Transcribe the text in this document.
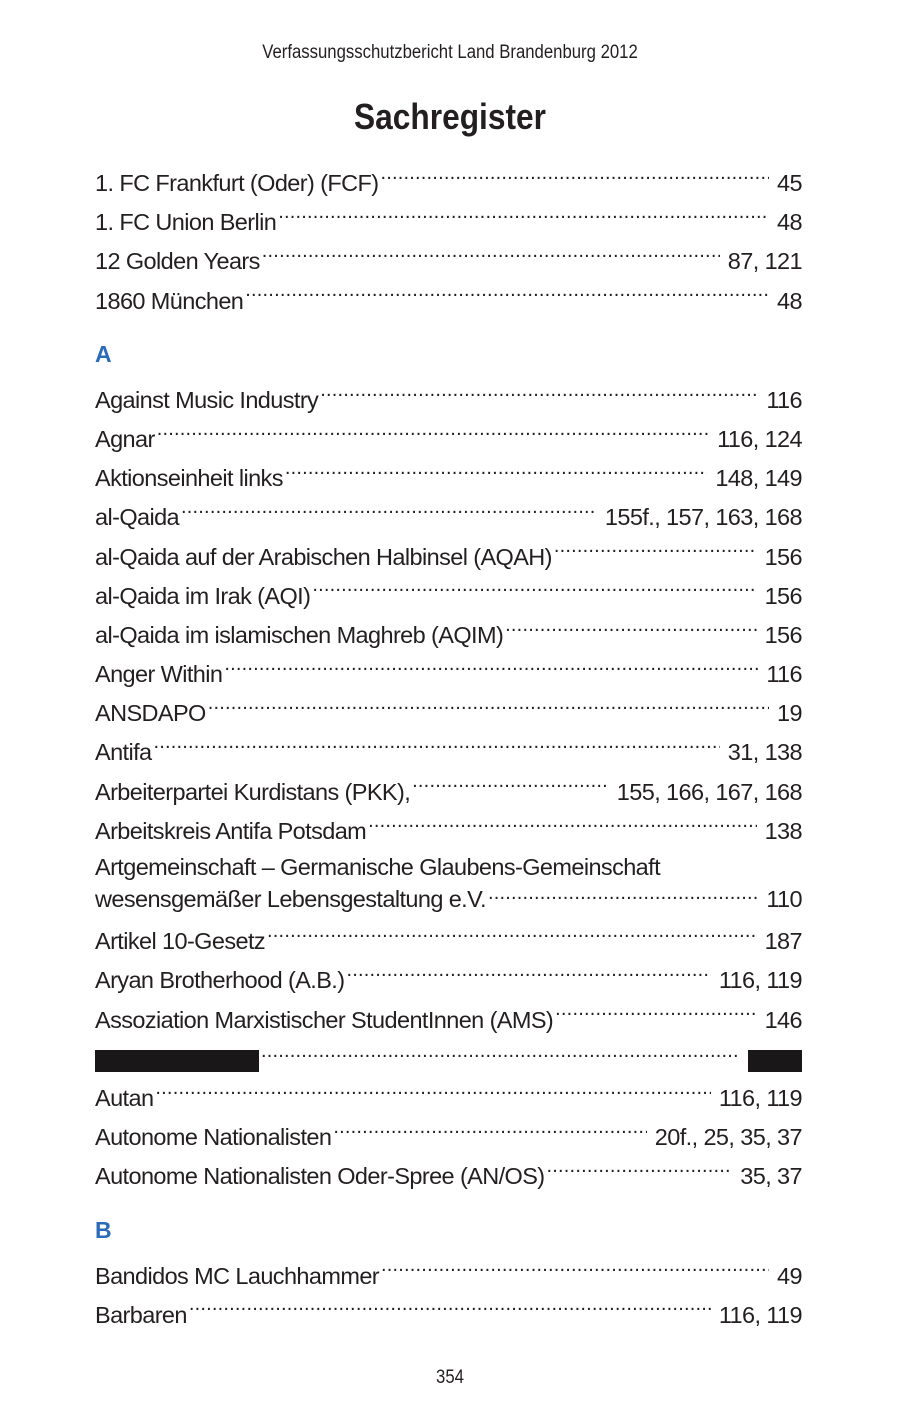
Verfassungsschutzbericht Land Brandenburg 2012
Sachregister
1. FC Frankfurt (Oder) (FCF) .....	45
1. FC Union Berlin .....	48
12 Golden Years .....	87, 121
1860 München .....	48
A
Against Music Industry .....	116
Agnar .....	116, 124
Aktionseinheit links .....	148, 149
al-Qaida .....	155f., 157, 163, 168
al-Qaida auf der Arabischen Halbinsel (AQAH) .....	156
al-Qaida im Irak (AQI) .....	156
al-Qaida im islamischen Maghreb (AQIM) .....	156
Anger Within .....	116
ANSDAPO .....	19
Antifa .....	31, 138
Arbeiterpartei Kurdistans (PKK), .....	155, 166, 167, 168
Arbeitskreis Antifa Potsdam .....	138
Artgemeinschaft – Germanische Glaubens-Gemeinschaft
wesensgemäßer Lebensgestaltung e.V. .....	110
Artikel 10-Gesetz .....	187
Aryan Brotherhood (A.B.) .....	116, 119
Assoziation Marxistischer StudentInnen (AMS) .....	146
.....
Autan .....	116, 119
Autonome Nationalisten .....	20f., 25, 35, 37
Autonome Nationalisten Oder-Spree (AN/OS) .....	35, 37
B
Bandidos MC Lauchhammer .....	49
Barbaren .....	116, 119
354
